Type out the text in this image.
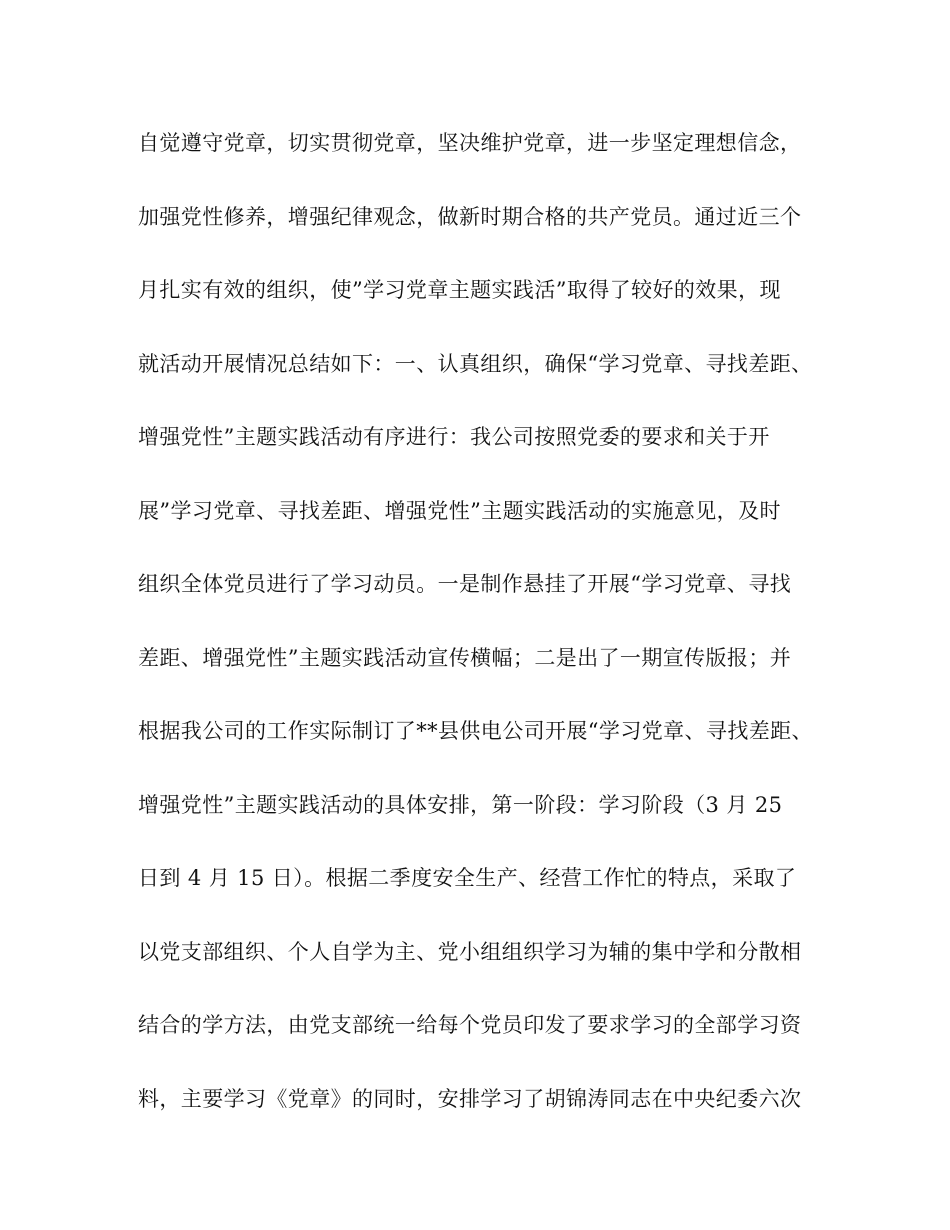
自觉遵守党章，切实贯彻党章，坚决维护党章，进一步坚定理想信念，
加强党性修养，增强纪律观念，做新时期合格的共产党员。通过近三个
月扎实有效的组织，使”学习党章主题实践活”取得了较好的效果，现
就活动开展情况总结如下：一、认真组织，确保“学习党章、寻找差距、
增强党性”主题实践活动有序进行：我公司按照党委的要求和关于开
展”学习党章、寻找差距、增强党性”主题实践活动的实施意见，及时
组织全体党员进行了学习动员。一是制作悬挂了开展“学习党章、寻找
差距、增强党性”主题实践活动宣传横幅；二是出了一期宣传版报；并
根据我公司的工作实际制订了**县供电公司开展“学习党章、寻找差距、
增强党性”主题实践活动的具体安排，第一阶段：学习阶段（3 月 25
日到 4 月 15 日）。根据二季度安全生产、经营工作忙的特点，采取了
以党支部组织、个人自学为主、党小组组织学习为辅的集中学和分散相
结合的学方法，由党支部统一给每个党员印发了要求学习的全部学习资
料，主要学习《党章》的同时，安排学习了胡锦涛同志在中央纪委六次
